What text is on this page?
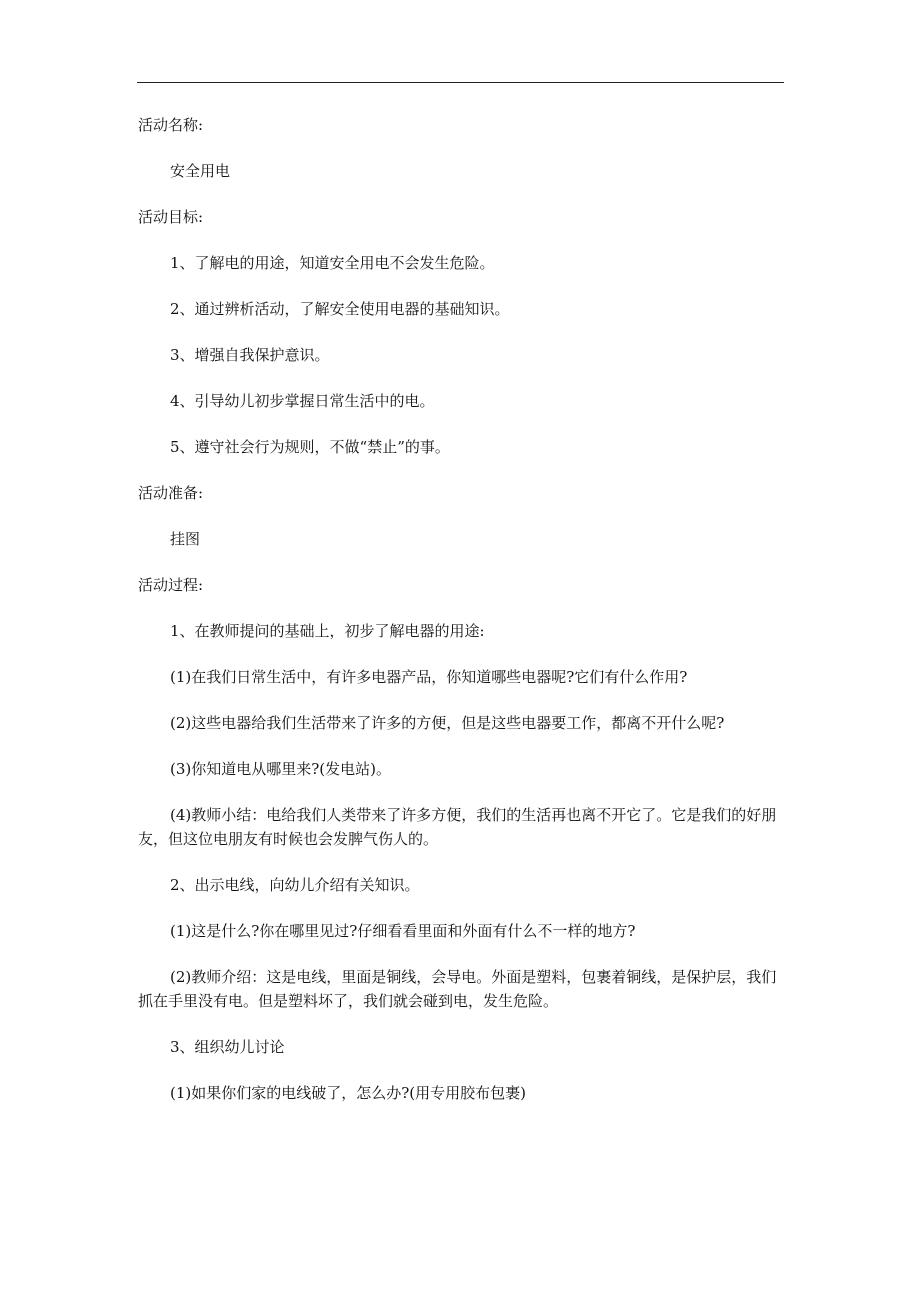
活动名称:

安全用电

活动目标:

1、了解电的用途，知道安全用电不会发生危险。

2、通过辨析活动，了解安全使用电器的基础知识。

3、增强自我保护意识。

4、引导幼儿初步掌握日常生活中的电。

5、遵守社会行为规则，不做“禁止”的事。

活动准备:

挂图

活动过程:

1、在教师提问的基础上，初步了解电器的用途:

(1)在我们日常生活中，有许多电器产品，你知道哪些电器呢?它们有什么作用?

(2)这些电器给我们生活带来了许多的方便，但是这些电器要工作，都离不开什么呢?

(3)你知道电从哪里来?(发电站)。

(4)教师小结：电给我们人类带来了许多方便，我们的生活再也离不开它了。它是我们的好朋友，但这位电朋友有时候也会发脾气伤人的。

2、出示电线，向幼儿介绍有关知识。

(1)这是什么?你在哪里见过?仔细看看里面和外面有什么不一样的地方?

(2)教师介绍：这是电线，里面是铜线，会导电。外面是塑料，包裹着铜线，是保护层，我们抓在手里没有电。但是塑料坏了，我们就会碰到电，发生危险。

3、组织幼儿讨论

(1)如果你们家的电线破了，怎么办?(用专用胶布包裹)
